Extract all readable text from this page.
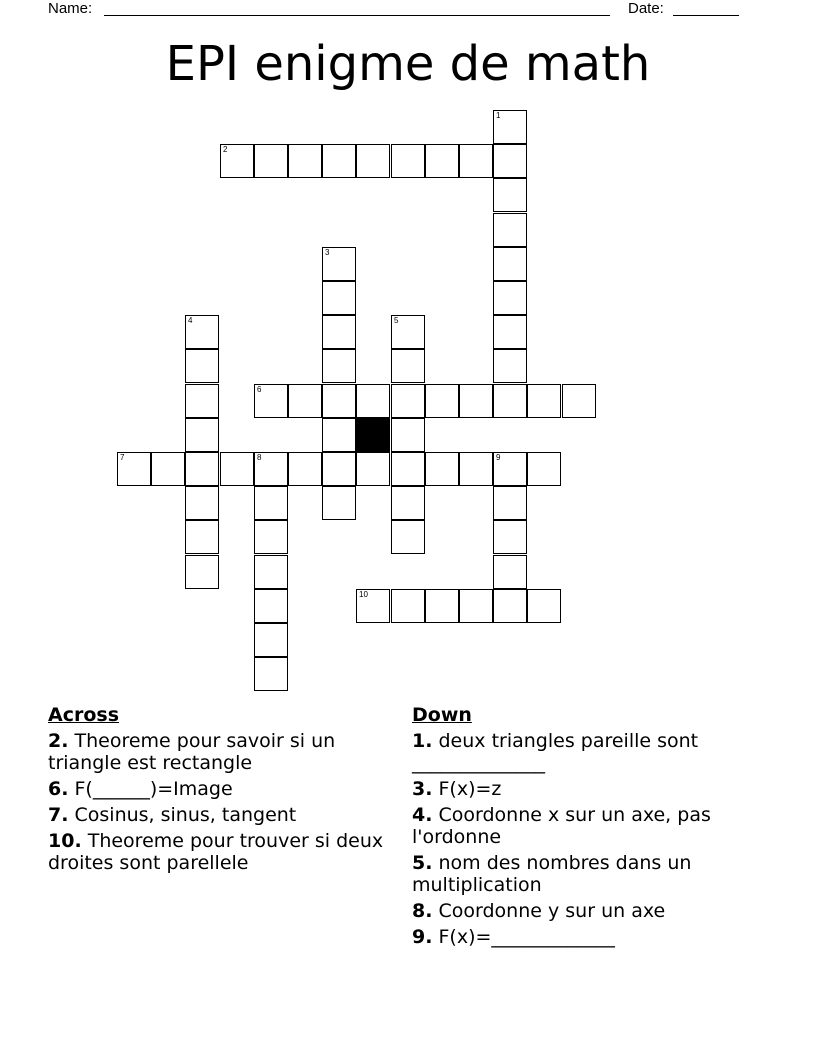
Name:	Date:
EPI enigme de math
2
6
7	8	9
10
1
3
4	5
Across
2. Theoreme pour savoir si un triangle est rectangle
6. F(______)=Image
7. Cosinus, sinus, tangent
10. Theoreme pour trouver si deux droites sont parellele
Down
1. deux triangles pareille sont ______________
3. F(x)=z
4. Coordonne x sur un axe, pas l'ordonne
5. nom des nombres dans un multiplication
8. Coordonne y sur un axe
9. F(x)=_____________
